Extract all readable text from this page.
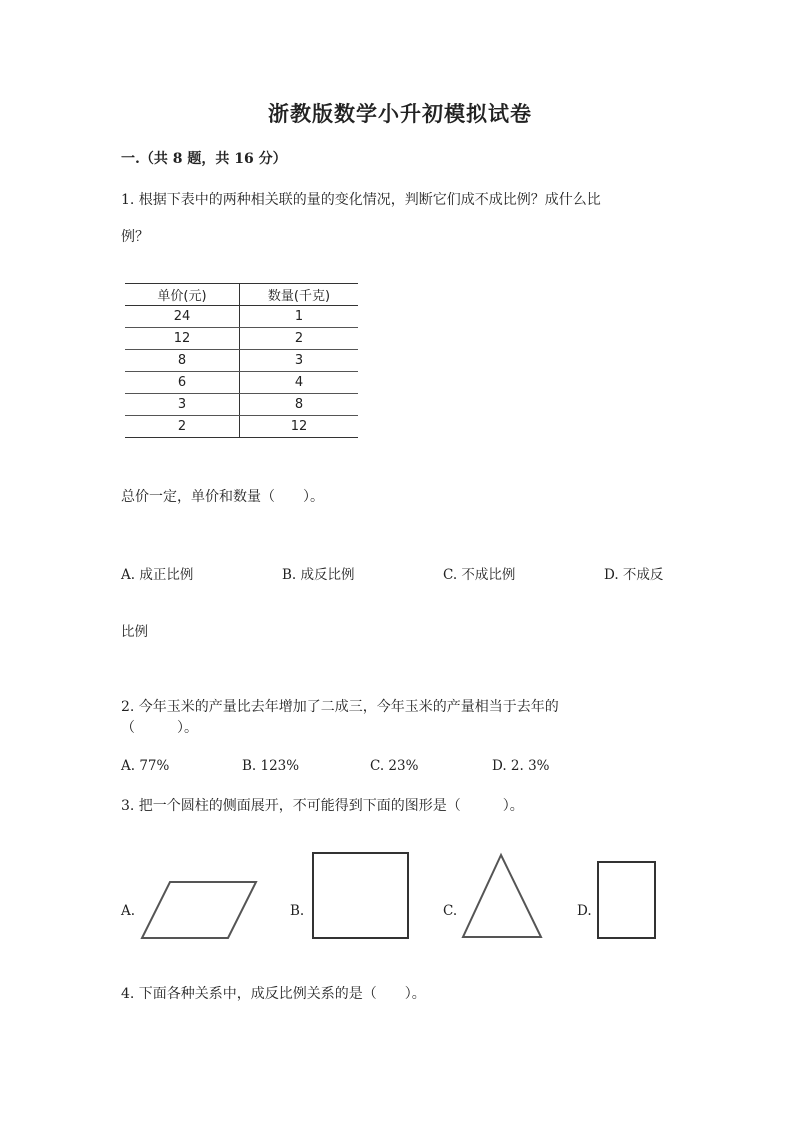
浙教版数学小升初模拟试卷
一.（共 8 题，共 16 分）
1. 根据下表中的两种相关联的量的变化情况，判断它们成不成比例？成什么比
例？
单价(元)	数量(千克)
24	1
12	2
8	3
6	4
3	8
2	12
总价一定，单价和数量（　　）。
A. 成正比例	B. 成反比例	C. 不成比例	D. 不成反
比例
2. 今年玉米的产量比去年增加了二成三，今年玉米的产量相当于去年的
（　　　）。
A. 77%	B. 123%	C. 23%	D. 2. 3%
3. 把一个圆柱的侧面展开，不可能得到下面的图形是（　　　）。
A.	B.	C.	D.
4. 下面各种关系中，成反比例关系的是（　　）。
